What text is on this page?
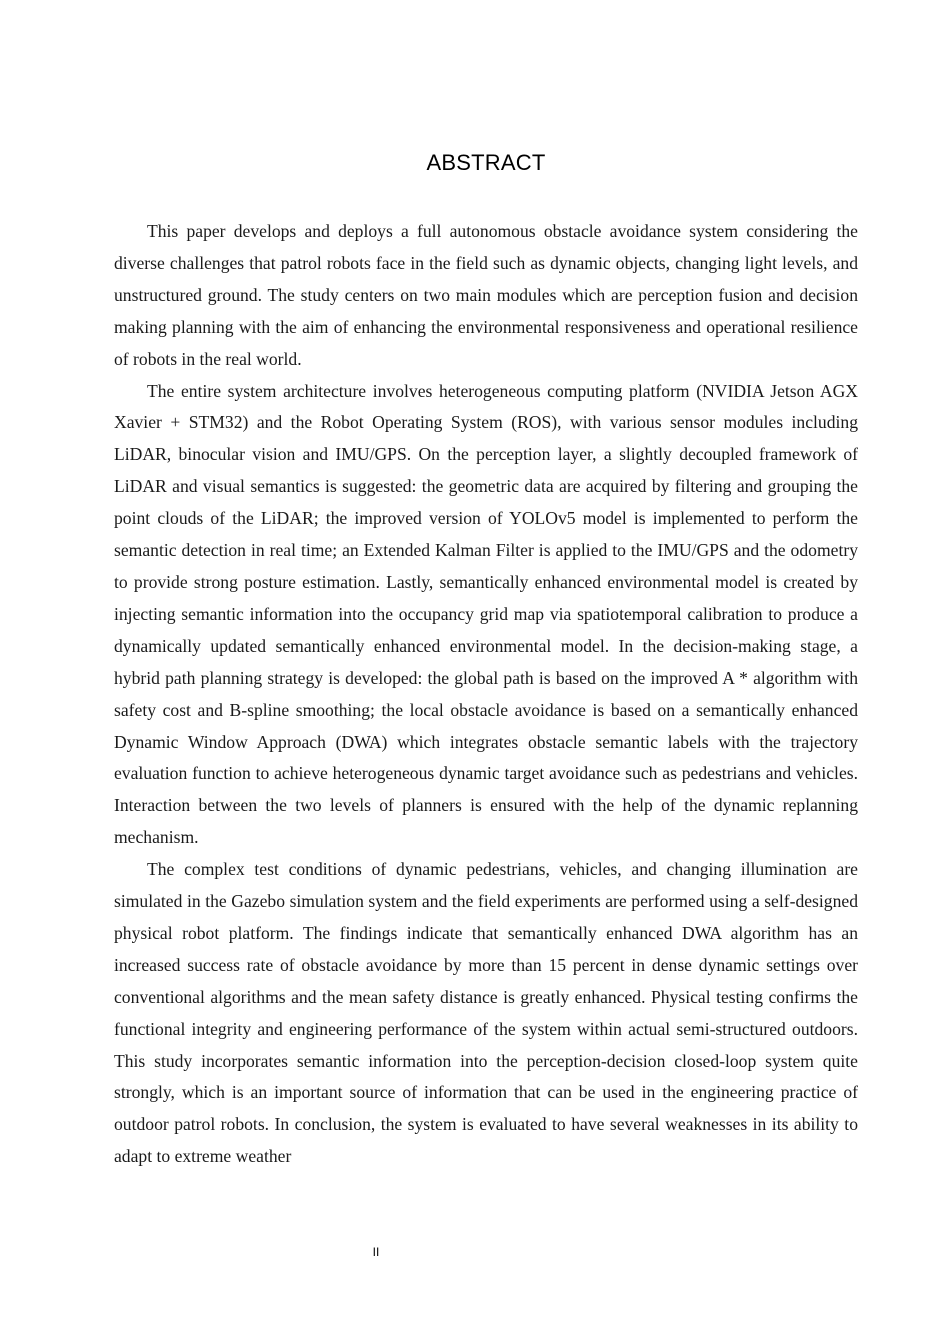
ABSTRACT

This paper develops and deploys a full autonomous obstacle avoidance system considering the diverse challenges that patrol robots face in the field such as dynamic objects, changing light levels, and unstructured ground. The study centers on two main modules which are perception fusion and decision making planning with the aim of enhancing the environmental responsiveness and operational resilience of robots in the real world.

The entire system architecture involves heterogeneous computing platform (NVIDIA Jetson AGX Xavier + STM32) and the Robot Operating System (ROS), with various sensor modules including LiDAR, binocular vision and IMU/GPS. On the perception layer, a slightly decoupled framework of LiDAR and visual semantics is suggested: the geometric data are acquired by filtering and grouping the point clouds of the LiDAR; the improved version of YOLOv5 model is implemented to perform the semantic detection in real time; an Extended Kalman Filter is applied to the IMU/GPS and the odometry to provide strong posture estimation. Lastly, semantically enhanced environmental model is created by injecting semantic information into the occupancy grid map via spatiotemporal calibration to produce a dynamically updated semantically enhanced environmental model. In the decision-making stage, a hybrid path planning strategy is developed: the global path is based on the improved A * algorithm with safety cost and B-spline smoothing; the local obstacle avoidance is based on a semantically enhanced Dynamic Window Approach (DWA) which integrates obstacle semantic labels with the trajectory evaluation function to achieve heterogeneous dynamic target avoidance such as pedestrians and vehicles. Interaction between the two levels of planners is ensured with the help of the dynamic replanning mechanism.

The complex test conditions of dynamic pedestrians, vehicles, and changing illumination are simulated in the Gazebo simulation system and the field experiments are performed using a self-designed physical robot platform. The findings indicate that semantically enhanced DWA algorithm has an increased success rate of obstacle avoidance by more than 15 percent in dense dynamic settings over conventional algorithms and the mean safety distance is greatly enhanced. Physical testing confirms the functional integrity and engineering performance of the system within actual semi-structured outdoors. This study incorporates semantic information into the perception-decision closed-loop system quite strongly, which is an important source of information that can be used in the engineering practice of outdoor patrol robots. In conclusion, the system is evaluated to have several weaknesses in its ability to adapt to extreme weather

II
